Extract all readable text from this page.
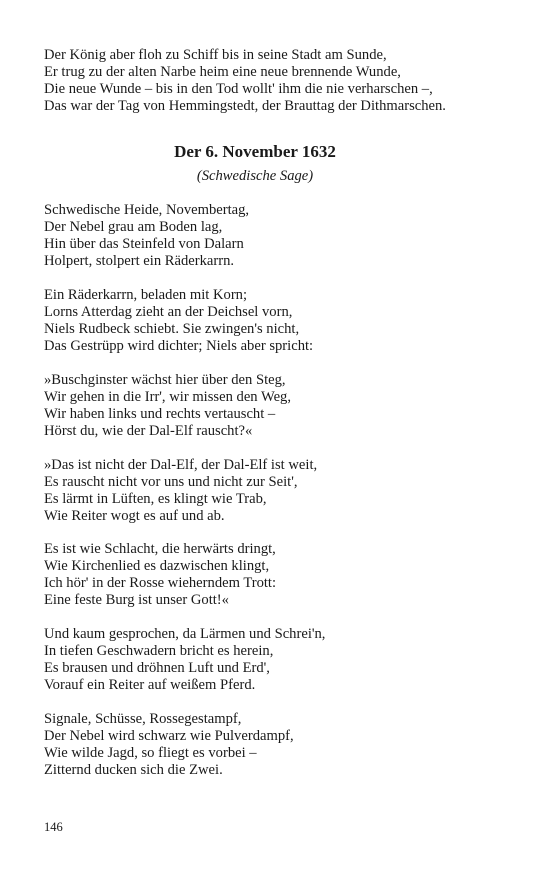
Der König aber floh zu Schiff bis in seine Stadt am Sunde,
Er trug zu der alten Narbe heim eine neue brennende Wunde,
Die neue Wunde – bis in den Tod wollt' ihm die nie verharschen –,
Das war der Tag von Hemmingstedt, der Brauttag der Dithmarschen.
Der 6. November 1632
(Schwedische Sage)
Schwedische Heide, Novembertag,
Der Nebel grau am Boden lag,
Hin über das Steinfeld von Dalarn
Holpert, stolpert ein Räderkarrn.
Ein Räderkarrn, beladen mit Korn;
Lorns Atterdag zieht an der Deichsel vorn,
Niels Rudbeck schiebt. Sie zwingen's nicht,
Das Gestrüpp wird dichter; Niels aber spricht:
»Buschginster wächst hier über den Steg,
Wir gehen in die Irr', wir missen den Weg,
Wir haben links und rechts vertauscht –
Hörst du, wie der Dal-Elf rauscht?«
»Das ist nicht der Dal-Elf, der Dal-Elf ist weit,
Es rauscht nicht vor uns und nicht zur Seit',
Es lärmt in Lüften, es klingt wie Trab,
Wie Reiter wogt es auf und ab.
Es ist wie Schlacht, die herwärts dringt,
Wie Kirchenlied es dazwischen klingt,
Ich hör' in der Rosse wieherndem Trott:
Eine feste Burg ist unser Gott!«
Und kaum gesprochen, da Lärmen und Schrei'n,
In tiefen Geschwadern bricht es herein,
Es brausen und dröhnen Luft und Erd',
Vorauf ein Reiter auf weißem Pferd.
Signale, Schüsse, Rossegestampf,
Der Nebel wird schwarz wie Pulverdampf,
Wie wilde Jagd, so fliegt es vorbei –
Zitternd ducken sich die Zwei.
146
